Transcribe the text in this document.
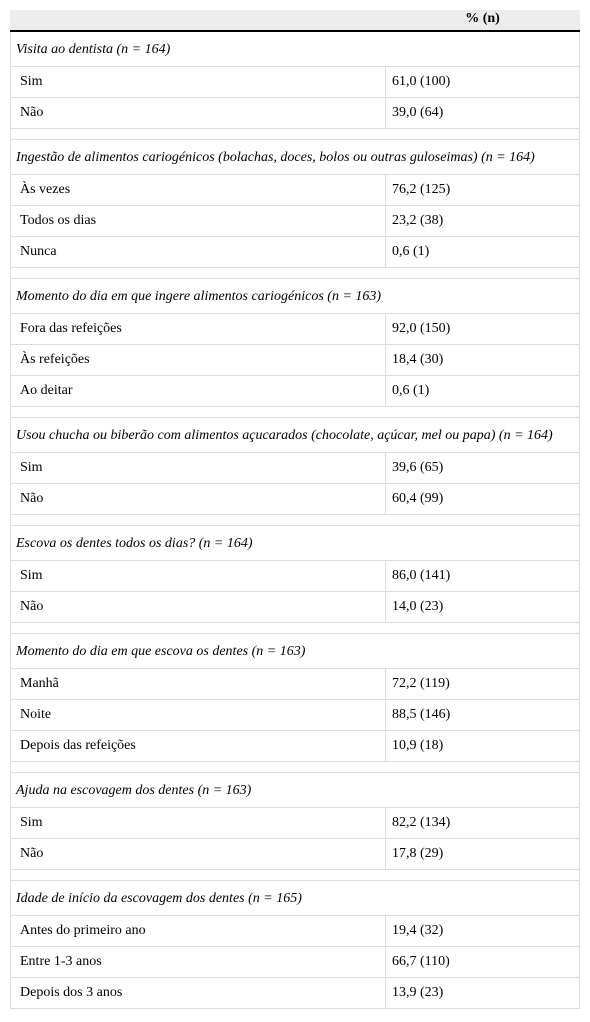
% (n)
Visita ao dentista (n = 164)
Sim	61,0 (100)
Não	39,0 (64)
Ingestão de alimentos cariogénicos (bolachas, doces, bolos ou outras guloseimas) (n = 164)
Às vezes	76,2 (125)
Todos os dias	23,2 (38)
Nunca	0,6 (1)
Momento do dia em que ingere alimentos cariogénicos (n = 163)
Fora das refeições	92,0 (150)
Às refeições	18,4 (30)
Ao deitar	0,6 (1)
Usou chucha ou biberão com alimentos açucarados (chocolate, açúcar, mel ou papa) (n = 164)
Sim	39,6 (65)
Não	60,4 (99)
Escova os dentes todos os dias? (n = 164)
Sim	86,0 (141)
Não	14,0 (23)
Momento do dia em que escova os dentes (n = 163)
Manhã	72,2 (119)
Noite	88,5 (146)
Depois das refeições	10,9 (18)
Ajuda na escovagem dos dentes (n = 163)
Sim	82,2 (134)
Não	17,8 (29)
Idade de início da escovagem dos dentes (n = 165)
Antes do primeiro ano	19,4 (32)
Entre 1-3 anos	66,7 (110)
Depois dos 3 anos	13,9 (23)
